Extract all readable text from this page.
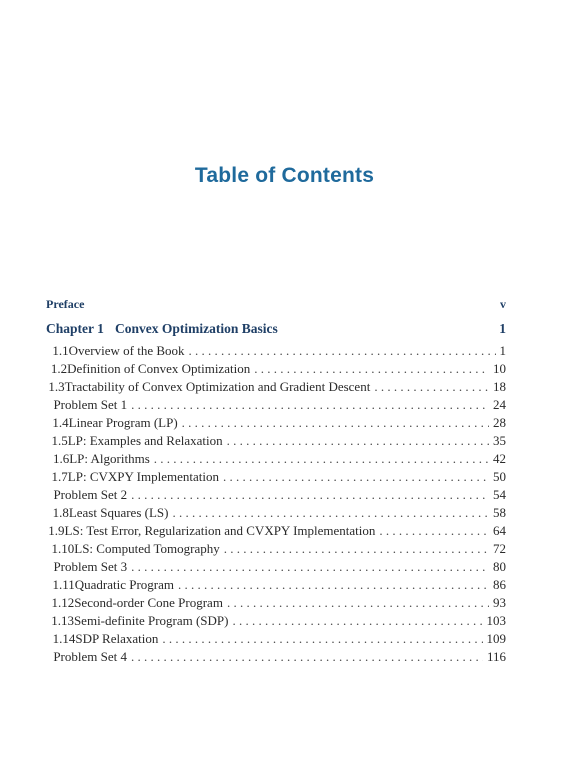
Table of Contents
Preface	v
Chapter 1 Convex Optimization Basics	1
1.1 Overview of the Book . . .	1
1.2 Definition of Convex Optimization . . .	10
1.3 Tractability of Convex Optimization and Gradient Descent . . .	18
Problem Set 1 . . .	24
1.4 Linear Program (LP) . . .	28
1.5 LP: Examples and Relaxation . . .	35
1.6 LP: Algorithms . . .	42
1.7 LP: CVXPY Implementation . . .	50
Problem Set 2 . . .	54
1.8 Least Squares (LS) . . .	58
1.9 LS: Test Error, Regularization and CVXPY Implementation . . .	64
1.10 LS: Computed Tomography . . .	72
Problem Set 3 . . .	80
1.11 Quadratic Program . . .	86
1.12 Second-order Cone Program . . .	93
1.13 Semi-definite Program (SDP) . . .	103
1.14 SDP Relaxation . . .	109
Problem Set 4 . . .	116
